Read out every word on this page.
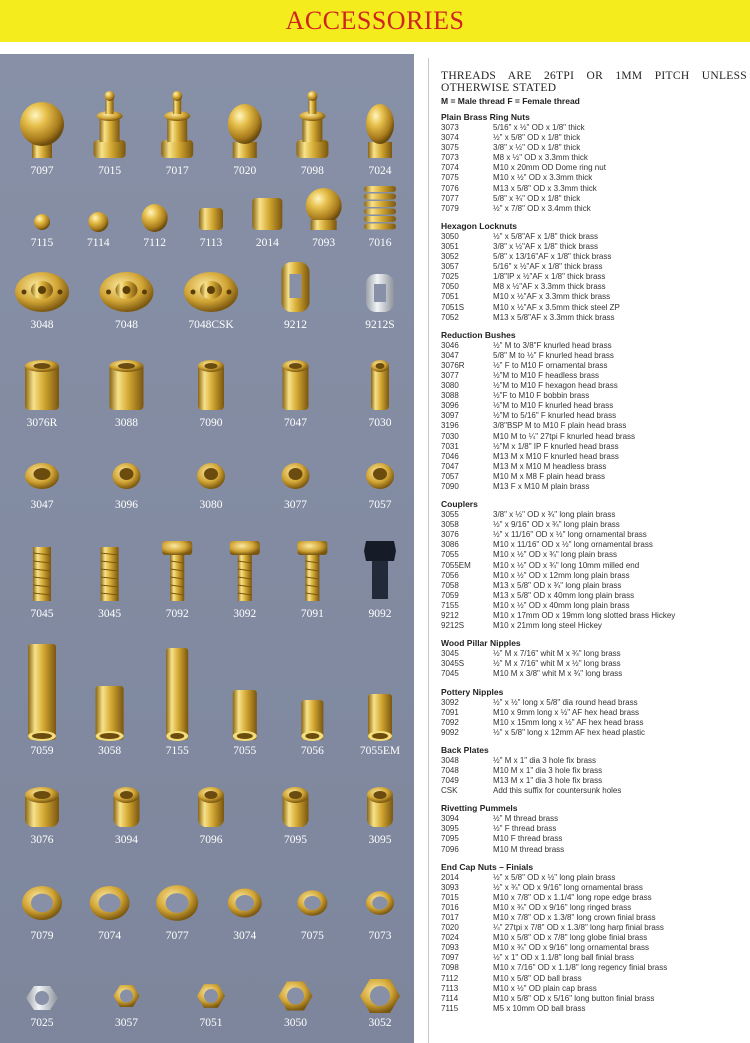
ACCESSORIES
7097	7015	7017	7020	7098	7024
7115	7114	7112	7113	2014	7093	7016
3048	7048	7048CSK	9212	9212S
3076R	3088	7090	7047	7030
3047	3096	3080	3077	7057
7045	3045	7092	3092	7091	9092
7059	3058	7155	7055	7056	7055EM
3076	3094	7096	7095	3095
7079	7074	7077	3074	7075	7073
7025	3057	7051	3050	3052
THREADS ARE 26TPI OR 1MM PITCH UNLESS OTHERWISE STATED
M = Male thread F = Female thread
Plain Brass Ring Nuts
3073	5/16" x ½" OD x 1/8" thick
3074	½" x 5/8" OD x 1/8" thick
3075	3/8" x ½" OD x 1/8" thick
7073	M8 x ½" OD x 3.3mm thick
7074	M10 x 20mm OD Dome ring nut
7075	M10 x ½" OD x 3.3mm thick
7076	M13 x 5/8" OD x 3.3mm thick
7077	5/8" x ¾" OD x 1/8" thick
7079	½" x 7/8" OD x 3.4mm thick
Hexagon Locknuts
3050	½" x 5/8"AF x 1/8" thick brass
3051	3/8" x ½"AF x 1/8" thick brass
3052	5/8" x 13/16"AF x 1/8" thick brass
3057	5/16" x ½"AF x 1/8" thick brass
7025	1/8"IP x ½"AF x 1/8" thick brass
7050	M8 x ½"AF x 3.3mm thick brass
7051	M10 x ½"AF x 3.3mm thick brass
7051S	M10 x ½"AF x 3.5mm thick steel ZP
7052	M13 x 5/8"AF x 3.3mm thick brass
Reduction Bushes
3046	½" M to 3/8"F knurled head brass
3047	5/8" M to ½" F knurled head brass
3076R	½" F to M10 F ornamental brass
3077	½"M to M10 F headless brass
3080	½"M to M10 F hexagon head brass
3088	½"F to M10 F bobbin brass
3096	½"M to M10 F knurled head brass
3097	½"M to 5/16" F knurled head brass
3196	3/8"BSP M to M10 F plain head brass
7030	M10 M to ¼" 27tpi F knurled head brass
7031	½"M x 1/8" IP F knurled head brass
7046	M13 M x M10 F knurled head brass
7047	M13 M x M10 M headless brass
7057	M10 M x M8 F plain head brass
7090	M13 F x M10 M plain brass
Couplers
3055	3/8" x ½" OD x ¾" long plain brass
3058	½" x 9/16" OD x ¾" long plain brass
3076	½" x 11/16" OD x ½" long ornamental brass
3086	M10 x 11/16" OD x ½" long ornamental brass
7055	M10 x ½" OD x ¾" long plain brass
7055EM	M10 x ½" OD x ¾" long 10mm milled end
7056	M10 x ½" OD x 12mm long plain brass
7058	M13 x 5/8" OD x ¾" long plain brass
7059	M13 x 5/8" OD x 40mm long plain brass
7155	M10 x ½" OD x 40mm long plain brass
9212	M10 x 17mm OD x 19mm long slotted brass Hickey
9212S	M10 x 21mm long steel Hickey
Wood Pillar Nipples
3045	½" M x 7/16" whit M x ¾" long brass
3045S	½" M x 7/16" whit M x ½" long brass
7045	M10 M x 3/8" whit M x ¾" long brass
Pottery Nipples
3092	½" x ½" long x 5/8" dia round head brass
7091	M10 x 9mm long x ½" AF hex head brass
7092	M10 x 15mm long x ½" AF hex head brass
9092	½" x 5/8" long x 12mm AF hex head plastic
Back Plates
3048	½" M x 1" dia 3 hole fix brass
7048	M10 M x 1" dia 3 hole fix brass
7049	M13 M x 1" dia 3 hole fix brass
CSK	Add this suffix for countersunk holes
Rivetting Pummels
3094	½" M thread brass
3095	½" F thread brass
7095	M10 F thread brass
7096	M10 M thread brass
End Cap Nuts – Finials
2014	½" x 5/8" OD x ½" long plain brass
3093	½" x ¾" OD x 9/16" long ornamental brass
7015	M10 x 7/8" OD x 1.1/4" long rope edge brass
7016	M10 x ¾" OD x 9/16" long ringed brass
7017	M10 x 7/8" OD x 1.3/8" long crown finial brass
7020	¼" 27tpi x 7/8" OD x 1.3/8" long harp finial brass
7024	M10 x 5/8" OD x 7/8" long globe finial brass
7093	M10 x ¾" OD x 9/16" long ornamental brass
7097	½" x 1" OD x 1.1/8" long ball finial brass
7098	M10 x 7/16" OD x 1.1/8" long regency finial brass
7112	M10 x 5/8" OD ball brass
7113	M10 x ½" OD plain cap brass
7114	M10 x 5/8" OD x 5/16" long button finial brass
7115	M5 x 10mm OD ball brass
